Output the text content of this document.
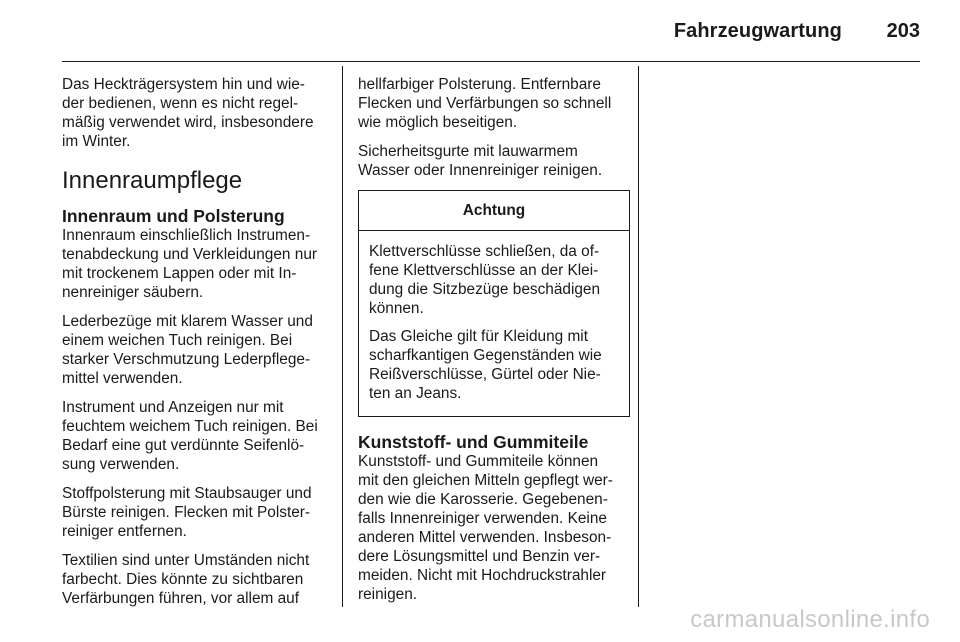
Fahrzeugwartung 203

Das Heckträgersystem hin und wie-
der bedienen, wenn es nicht regel-
mäßig verwendet wird, insbesondere
im Winter.

Innenraumpflege
Innenraum und Polsterung

Innenraum einschließlich Instrumen-
tenabdeckung und Verkleidungen nur
mit trockenem Lappen oder mit In-
nenreiniger säubern.

Lederbezüge mit klarem Wasser und
einem weichen Tuch reinigen. Bei
starker Verschmutzung Lederpflege-
mittel verwenden.

Instrument und Anzeigen nur mit
feuchtem weichem Tuch reinigen. Bei
Bedarf eine gut verdünnte Seifenlö-
sung verwenden.

Stoffpolsterung mit Staubsauger und
Bürste reinigen. Flecken mit Polster-
reiniger entfernen.

Textilien sind unter Umständen nicht
farbecht. Dies könnte zu sichtbaren
Verfärbungen führen, vor allem auf

hellfarbiger Polsterung. Entfernbare
Flecken und Verfärbungen so schnell
wie möglich beseitigen.

Sicherheitsgurte mit lauwarmem
Wasser oder Innenreiniger reinigen.

Achtung

Klettverschlüsse schließen, da of-
fene Klettverschlüsse an der Klei-
dung die Sitzbezüge beschädigen
können.

Das Gleiche gilt für Kleidung mit
scharfkantigen Gegenständen wie
Reißverschlüsse, Gürtel oder Nie-
ten an Jeans.

Kunststoff- und Gummiteile

Kunststoff- und Gummiteile können
mit den gleichen Mitteln gepflegt wer-
den wie die Karosserie. Gegebenen-
falls Innenreiniger verwenden. Keine
anderen Mittel verwenden. Insbeson-
dere Lösungsmittel und Benzin ver-
meiden. Nicht mit Hochdruckstrahler
reinigen.

carmanualsonline.info
